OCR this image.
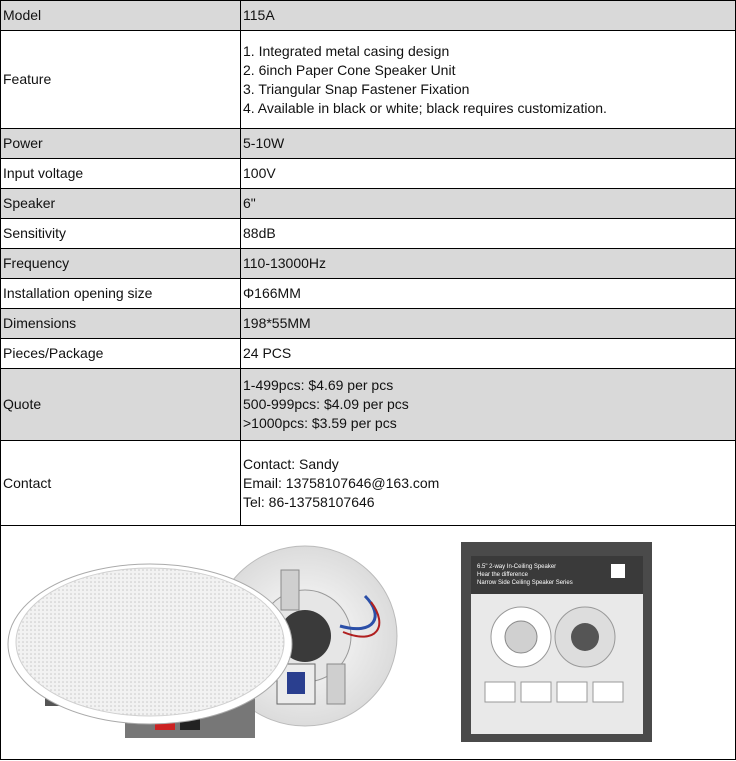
Model	115A

Feature	1. Integrated metal casing design
2. 6inch Paper Cone Speaker Unit
3. Triangular Snap Fastener Fixation
4. Available in black or white; black requires customization.

Power	5-10W

Input voltage	100V

Speaker	6"

Sensitivity	88dB

Frequency	110-13000Hz

Installation opening size	Φ166MM

Dimensions	198*55MM

Pieces/Package	24 PCS

Quote	1-499pcs: $4.69 per pcs
500-999pcs: $4.09 per pcs
>1000pcs: $3.59 per pcs

Contact	Contact: Sandy
Email: 13758107646@163.com
Tel: 86-13758107646
6.5" 2-way In-Ceiling Speaker
Hear the difference
Narrow Side Ceiling Speaker Series
